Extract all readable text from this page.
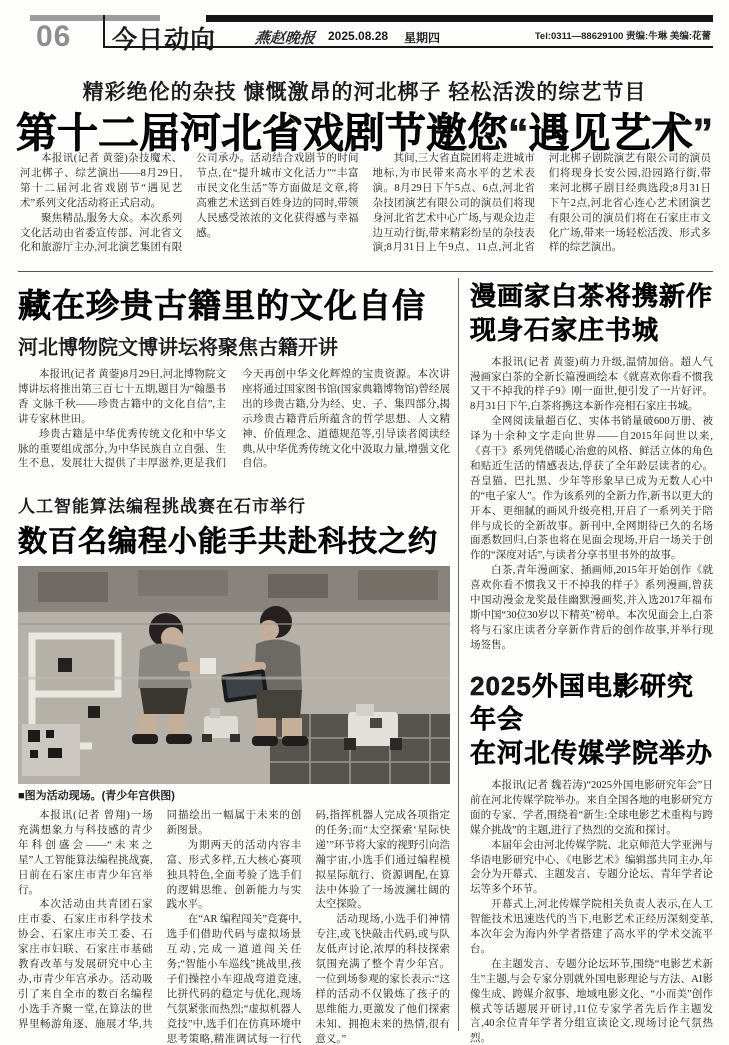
06 今日动向	燕赵晚报 2025.08.28 星期四	Tel:0311—88629100 责编:牛琳 美编:花蕾
精彩绝伦的杂技 慷慨激昂的河北梆子 轻松活泼的综艺节目
第十二届河北省戏剧节邀您“遇见艺术”

本报讯(记者 黄蓥)杂技魔术、河北梆子、综艺演出——8月29日,第十二届河北省戏剧节“遇见艺术”系列文化活动将正式启动。

聚焦精品,服务大众。本次系列文化活动由省委宣传部、河北省文化和旅游厅主办,河北演艺集团有限公司承办。活动结合戏剧节的时间节点,在“提升城市文化活力”“丰富市民文化生活”等方面做足文章,将高雅艺术送到百姓身边的同时,带领人民感受浓浓的文化获得感与幸福感。

其间,三大省直院团将走进城市地标,为市民带来高水平的艺术表演。8月29日下午5点、6点,河北省杂技团演艺有限公司的演员们将现身河北省艺术中心广场,与观众边走边互动行街,带来精彩纷呈的杂技表演;8月31日上午9点、11点,河北省河北梆子剧院演艺有限公司的演员们将现身长安公园,沿园路行街,带来河北梆子剧目经典选段;8月31日下午2点,河北省心连心艺术团演艺有限公司的演员们将在石家庄市文化广场,带来一场轻松活泼、形式多样的综艺演出。

藏在珍贵古籍里的文化自信
河北博物院文博讲坛将聚焦古籍开讲

本报讯(记者 黄蓥)8月29日,河北博物院文博讲坛将推出第三百七十五期,题目为“翰墨书香 文脉千秋——珍贵古籍中的文化自信”,主讲专家林世田。

珍贵古籍是中华优秀传统文化和中华文脉的重要组成部分,为中华民族自立自强、生生不息、发展壮大提供了丰厚滋养,更是我们今天再创中华文化辉煌的宝贵资源。本次讲座将通过国家图书馆(国家典籍博物馆)曾经展出的珍贵古籍,分为经、史、子、集四部分,揭示珍贵古籍背后所蕴含的哲学思想、人文精神、价值理念、道德规范等,引导读者阅读经典,从中华优秀传统文化中汲取力量,增强文化自信。

人工智能算法编程挑战赛在石市举行
数百名编程小能手共赴科技之约
■图为活动现场。(青少年宫供图)

本报讯(记者 曾翔)一场充满想象力与科技感的青少年科创盛会——“未来之星”人工智能算法编程挑战赛,日前在石家庄市青少年宫举行。

本次活动由共青团石家庄市委、石家庄市科学技术协会、石家庄市关工委、石家庄市妇联、石家庄市基础教育改革与发展研究中心主办,市青少年宫承办。活动吸引了来自全市的数百名编程小选手齐聚一堂,在算法的世界里畅游角逐、施展才华,共同描绘出一幅属于未来的创新图景。

为期两天的活动内容丰富、形式多样,五大核心赛项独具特色,全面考验了选手们的逻辑思维、创新能力与实践水平。

在“AR 编程闯关”竞赛中,选手们借助代码与虚拟场景互动,完成一道道闯关任务;“智能小车巡线”挑战里,孩子们操控小车迎战弯道竞速,比拼代码的稳定与优化,现场气氛紧张而热烈;“虚拟机器人竞技”中,选手们在仿真环境中思考策略,精准调试每一行代码,指挥机器人完成各项指定的任务;而“太空探索‘星际快递’”环节将大家的视野引向浩瀚宇宙,小选手们通过编程模拟星际航行、资源调配,在算法中体验了一场波澜壮阔的太空探险。

活动现场,小选手们神情专注,或飞快敲击代码,或与队友低声讨论,浓厚的科技探索氛围充满了整个青少年宫。一位到场参观的家长表示:“这样的活动不仅锻炼了孩子的思维能力,更激发了他们探索未知、拥抱未来的热情,很有意义。”

漫画家白茶将携新作
现身石家庄书城

本报讯(记者 黄蓥)萌力升级,温情加倍。超人气漫画家白茶的全新长篇漫画绘本《就喜欢你看不惯我又干不掉我的样子9》刚一面世,便引发了一片好评。8月31日下午,白茶将携这本新作亮相石家庄书城。

全网阅读量超百亿、实体书销量破600万册、被译为十余种文字走向世界——自2015年问世以来,《喜干》系列凭借暖心治愈的风格、鲜活立体的角色和贴近生活的情感表达,俘获了全年龄层读者的心。吾皇猫、巴扎黑、少年等形象早已成为无数人心中的“电子家人”。作为该系列的全新力作,新书以更大的开本、更细腻的画风升级亮相,开启了一系列关于陪伴与成长的全新故事。新刊中,全网期待已久的名场面悉数回归,白茶也将在见面会现场,开启一场关于创作的“深度对话”,与读者分享书里书外的故事。

白茶,青年漫画家、插画师,2015年开始创作《就喜欢你看不惯我又干不掉我的样子》系列漫画,曾获中国动漫金龙奖最佳幽默漫画奖,并入选2017年福布斯中国“30位30岁以下精英”榜单。本次见面会上,白茶将与石家庄读者分享新作背后的创作故事,并举行现场签售。

2025外国电影研究年会
在河北传媒学院举办

本报讯(记者 魏若涛)“2025外国电影研究年会”日前在河北传媒学院举办。来自全国各地的电影研究方面的专家、学者,围绕着“新生:全球电影艺术重构与跨媒介挑战”的主题,进行了热烈的交流和探讨。

本届年会由河北传媒学院、北京师范大学亚洲与华语电影研究中心、《电影艺术》编辑部共同主办,年会分为开幕式、主题发言、专题分论坛、青年学者论坛等多个环节。

开幕式上,河北传媒学院相关负责人表示,在人工智能技术迅速迭代的当下,电影艺术正经历深刻变革,本次年会为海内外学者搭建了高水平的学术交流平台。

在主题发言、专题分论坛环节,围绕“电影艺术新生”主题,与会专家分别就外国电影理论与方法、AI影像生成、跨媒介叙事、地域电影文化、“小而美”创作模式等话题展开研讨,11位专家学者先后作主题发言,40余位青年学者分组宣读论文,现场讨论气氛热烈。
